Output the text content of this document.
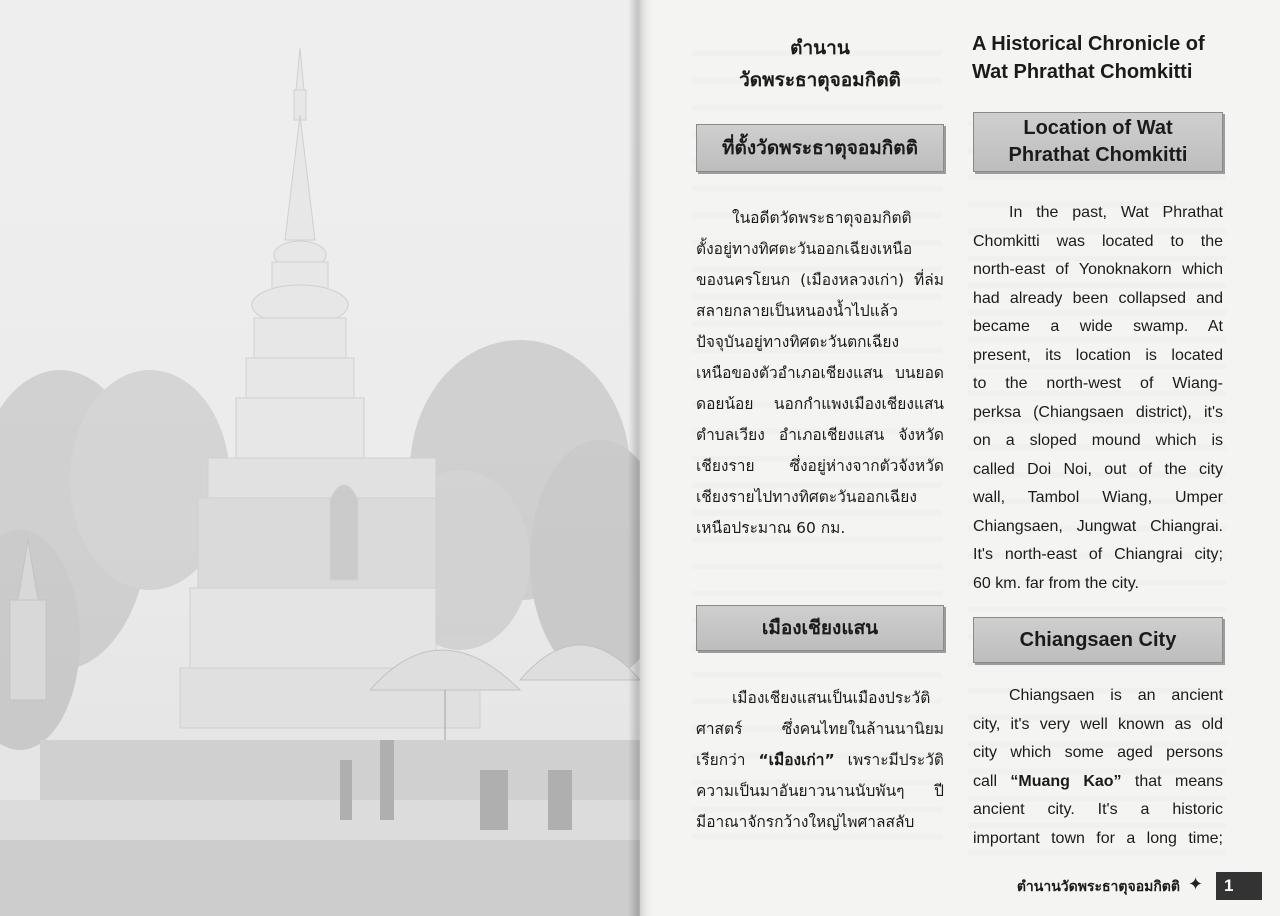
ตำนาน
วัดพระธาตุจอมกิตติ
ที่ตั้งวัดพระธาตุจอมกิตติ
ในอดีตวัดพระธาตุจอมกิตติ
ตั้งอยู่ทางทิศตะวันออกเฉียงเหนือ
ของนครโยนก (เมืองหลวงเก่า) ที่ล่ม
สลายกลายเป็นหนองน้ำไปแล้ว
ปัจจุบันอยู่ทางทิศตะวันตกเฉียง
เหนือของตัวอำเภอเชียงแสน บนยอด
ดอยน้อย นอกกำแพงเมืองเชียงแสน
ตำบลเวียง อำเภอเชียงแสน จังหวัด
เชียงราย ซึ่งอยู่ห่างจากตัวจังหวัด
เชียงรายไปทางทิศตะวันออกเฉียง
เหนือประมาณ 60 กม.
เมืองเชียงแสน
เมืองเชียงแสนเป็นเมืองประวัติ
ศาสตร์ ซึ่งคนไทยในล้านนานิยม
เรียกว่า “เมืองเก่า” เพราะมีประวัติ
ความเป็นมาอันยาวนานนับพันๆ ปี
มีอาณาจักรกว้างใหญ่ไพศาลสลับ
A Historical Chronicle of
Wat Phrathat Chomkitti
Location of Wat
Phrathat Chomkitti
In the past, Wat Phrathat
Chomkitti was located to the
north-east of Yonoknakorn which
had already been collapsed and
became a wide swamp. At
present, its location is located
to the north-west of Wiang-
perksa (Chiangsaen district), it's
on a sloped mound which is
called Doi Noi, out of the city
wall, Tambol Wiang, Umper
Chiangsaen, Jungwat Chiangrai.
It's north-east of Chiangrai city;
60 km. far from the city.
Chiangsaen City
Chiangsaen is an ancient
city, it's very well known as old
city which some aged persons
call “Muang Kao” that means
ancient city. It's a historic
important town for a long time;
ตำนานวัดพระธาตุจอมกิตติ ✦	1
